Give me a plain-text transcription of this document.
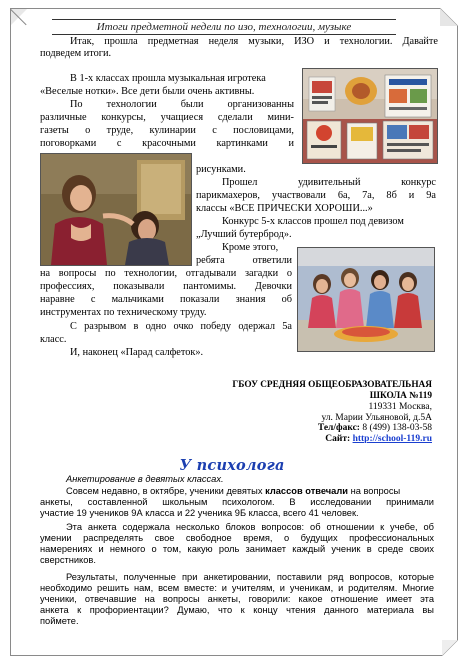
Итоги предметной недели по изо, технологии, музыке

Итак, прошла предметная неделя музыки, ИЗО и технологии. Давайте

подведем итоги.

В 1-х классах прошла музыкальная игротека

«Веселые нотки». Все дети были очень активны.

По технологии были организованны

различные конкурсы, учащиеся сделали мини-

газеты о труде, кулинарии с пословицами,

поговорками с красочными картинками и

рисунками.

Прошел удивительный конкурс

парикмахеров, участвовали 6а, 7а, 8б и 9а

классы «ВСЕ ПРИЧЕСКИ ХОРОШИ...»

Конкурс 5-х классов прошел под девизом

„Лучший бутерброд».

Кроме этого,

ребята ответили

на вопросы по технологии, отгадывали загадки о

профессиях, показывали пантомимы. Девочки

наравне с мальчиками показали знания об

инструментах по техническому труду.

С разрывом в одно очко победу одержал 5а

класс.

И, наконец «Парад салфеток».

ГБОУ СРЕДНЯЯ ОБЩЕОБРАЗОВАТЕЛЬНАЯ
ШКОЛА №119
119331 Москва,
ул. Марии Ульяновой, д.5А
Тел/факс: 8 (499) 138-03-58
Сайт: http://school-119.ru
У психолога

Анкетирование в девятых классах.

Совсем недавно, в октябре, ученики девятых классов отвечали на вопросы

анкеты, составленной школьным психологом. В исследовании принимали

участие 19 учеников 9А класса и 22 ученика 9Б класса, всего 41 человек.

Эта анкета содержала несколько блоков вопросов: об отношении к учебе, об

умении распределять свое свободное время, о будущих профессиональных

намерениях и немного о том, какую роль занимает каждый ученик в среде своих

сверстников.

Результаты, полученные при анкетировании, поставили ряд вопросов, которые

необходимо решить нам, всем вместе: и учителям, и ученикам, и родителям. Многие

ученики, отвечавшие на вопросы анкеты, говорили: какое отношение имеет эта

анкета к профориентации? Думаю, что к концу чтения данного материала вы

поймете.
